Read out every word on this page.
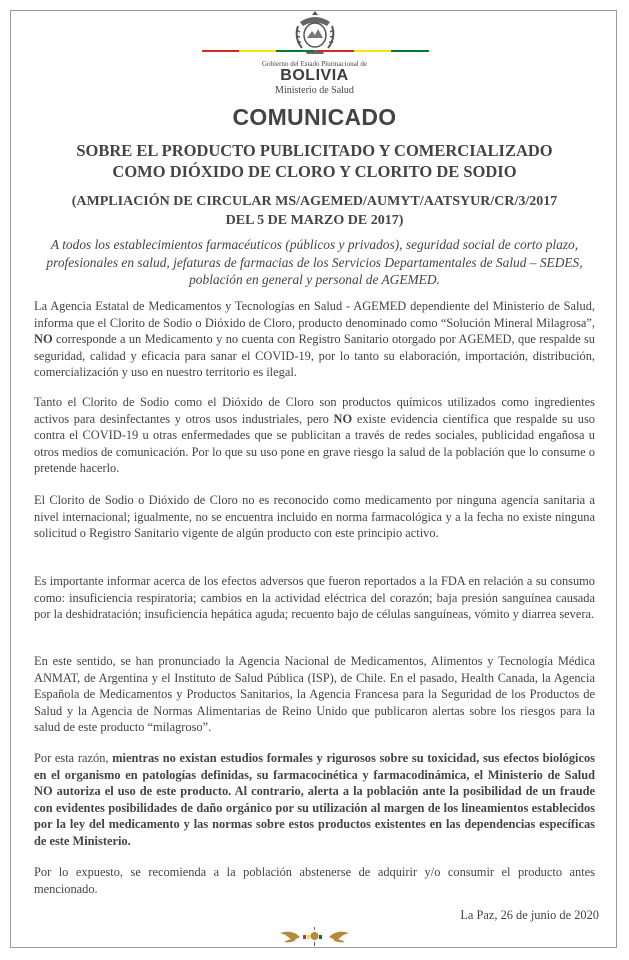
Gobierno del Estado Plurinacional de
BOLIVIA
Ministerio de Salud
COMUNICADO
SOBRE EL PRODUCTO PUBLICITADO Y COMERCIALIZADO
COMO DIÓXIDO DE CLORO Y CLORITO DE SODIO
(AMPLIACIÓN DE CIRCULAR MS/AGEMED/AUMYT/AATSYUR/CR/3/2017
DEL 5 DE MARZO DE 2017)
A todos los establecimientos farmacéuticos (públicos y privados), seguridad social de corto plazo, profesionales en salud, jefaturas de farmacias de los Servicios Departamentales de Salud – SEDES, población en general y personal de AGEMED.
La Agencia Estatal de Medicamentos y Tecnologías en Salud - AGEMED dependiente del Ministerio de Salud, informa que el Clorito de Sodio o Dióxido de Cloro, producto denominado como “Solución Mineral Milagrosa”, NO corresponde a un Medicamento y no cuenta con Registro Sanitario otorgado por AGEMED, que respalde su seguridad, calidad y eficacia para sanar el COVID-19, por lo tanto su elaboración, importación, distribución, comercialización y uso en nuestro territorio es ilegal.
Tanto el Clorito de Sodio como el Dióxido de Cloro son productos químicos utilizados como ingredientes activos para desinfectantes y otros usos industriales, pero NO existe evidencia científica que respalde su uso contra el COVID-19 u otras enfermedades que se publicitan a través de redes sociales, publicidad engañosa u otros medios de comunicación. Por lo que su uso pone en grave riesgo la salud de la población que lo consume o pretende hacerlo.
El Clorito de Sodio o Dióxido de Cloro no es reconocido como medicamento por ninguna agencia sanitaria a nivel internacional; igualmente, no se encuentra incluido en norma farmacológica y a la fecha no existe ninguna solicitud o Registro Sanitario vigente de algún producto con este principio activo.
Es importante informar acerca de los efectos adversos que fueron reportados a la FDA en relación a su consumo como: insuficiencia respiratoria; cambios en la actividad eléctrica del corazón; baja presión sanguínea causada por la deshidratación; insuficiencia hepática aguda; recuento bajo de células sanguíneas, vómito y diarrea severa.
En este sentido, se han pronunciado la Agencia Nacional de Medicamentos, Alimentos y Tecnología Médica ANMAT, de Argentina y el Instituto de Salud Pública (ISP), de Chile. En el pasado, Health Canada, la Agencia Española de Medicamentos y Productos Sanitarios, la Agencia Francesa para la Seguridad de los Productos de Salud y la Agencia de Normas Alimentarias de Reino Unido que publicaron alertas sobre los riesgos para la salud de este producto “milagroso”.
Por esta razón, mientras no existan estudios formales y rigurosos sobre su toxicidad, sus efectos biológicos en el organismo en patologías definidas, su farmacocinética y farmacodinámica, el Ministerio de Salud NO autoriza el uso de este producto. Al contrario, alerta a la población ante la posibilidad de un fraude con evidentes posibilidades de daño orgánico por su utilización al margen de los lineamientos establecidos por la ley del medicamento y las normas sobre estos productos existentes en las dependencias específicas de este Ministerio.
Por lo expuesto, se recomienda a la población abstenerse de adquirir y/o consumir el producto antes mencionado.
La Paz, 26 de junio de 2020
